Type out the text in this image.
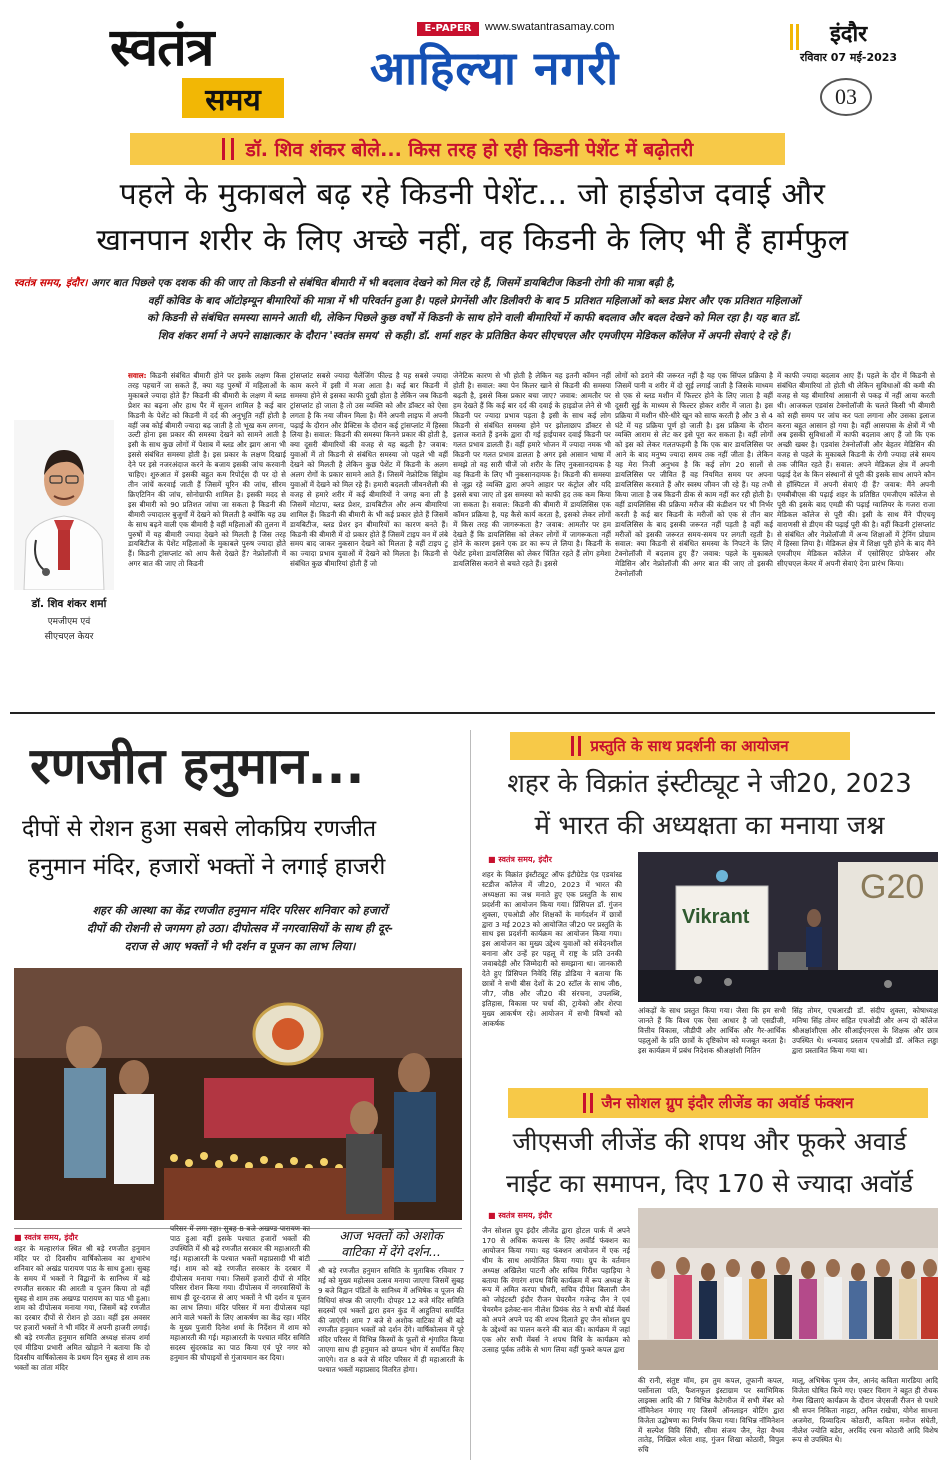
स्वतंत्र
समय
E-PAPER	www.swatantrasamay.com
आहिल्या नगरी
इंदौर
रविवार 07 मई-2023
03
डॉ. शिव शंकर बोले... किस तरह हो रही किडनी पेशेंट में बढ़ोतरी
पहले के मुकाबले बढ़ रहे किडनी पेशेंट... जो हाईडोज दवाई और
खानपान शरीर के लिए अच्छे नहीं, वह किडनी के लिए भी हैं हार्मफुल
स्वतंत्र समय, इंदौर। अगर बात पिछले एक दशक की की जाए तो किडनी से संबंधित बीमारी में भी बदलाव देखने को मिल रहे हैं, जिसमें डायबिटीज किडनी रोगी की मात्रा बढ़ी है,
वहीं कोविड के बाद ऑटोइम्यून बीमारियों की मात्रा में भी परिवर्तन हुआ है। पहले प्रेगनेंसी और डिलीवरी के बाद 5 प्रतिशत महिलाओं को ब्लड प्रेशर और एक प्रतिशत महिलाओं
को किडनी से संबंधित समस्या सामने आती थी, लेकिन पिछले कुछ वर्षों में किडनी के साथ होने वाली बीमारियों में काफी बदलाव और बदल देखने को मिल रहा है। यह बात डॉ.
शिव शंकर शर्मा ने अपने साक्षात्कार के दौरान 'स्वतंत्र समय' से कही। डॉ. शर्मा शहर के प्रतिष्ठित केयर सीएचएल और एमजीएम मेडिकल कॉलेज में अपनी सेवाएं दे रहे हैं।
डॉ. शिव शंकर शर्मा
एमजीएम एवं
सीएचएल केयर
सवाल: किडनी संबंधित बीमारी होने पर इसके लक्षण किस तरह पहचानें जा सकते हैं, क्या यह पुरुषों में महिलाओं के मुकाबले ज्यादा होते हैं? किडनी की बीमारी के लक्षण में ब्लड प्रेशर का बढ़ना और हाथ पैर में सूजन शामिल है कई बार किडनी के पेशेंट को किडनी में दर्द की अनुभूति नहीं होती है वहीं जब कोई बीमारी ज्यादा बढ़ जाती है तो भूख कम लगना, उल्टी होना इस प्रकार की समस्या देखने को सामने आती है इसी के साथ कुछ लोगों में पेशाब में ब्लड और झाग आना भी इससे संबंधित समस्या होती है। इस प्रकार के लक्षण दिखाई देने पर इसे नजरअंदाज करने के बजाय इसकी जांच करवानी चाहिए। शुरुआत में इसकी बहुत कम रिपोर्ट्स दी पर दो से तीन जांचें करवाई जाती हैं जिसमें यूरिन की जांच, सीरम क्रिएटिनिन की जांच, सोनोग्राफी शामिल है। इसकी मदद से इस बीमारी को 90 प्रतिशत जांचा जा सकता है किडनी की बीमारी ज्यादातर बुजुर्गों में देखने को मिलती है क्योंकि यह उम्र के साथ बढ़ने वाली एक बीमारी है वहीं महिलाओं की तुलना में पुरुषों में यह बीमारी ज्यादा देखने को मिलती है जिस तरह डायबिटीज के पेशेंट महिलाओं के मुकाबले पुरुष ज्यादा होते हैं। किडनी ट्रांसप्लांट को आप कैसे देखते हैं? नेफ्रोलॉजी में अगर बात की जाए तो किडनी
ट्रांसप्लांट सबसे ज्यादा चैलेंजिंग फील्ड है यह सबसे ज्यादा काम करने में इसी में मजा आता है। कई बार किडनी में समस्या होने से इसका काफी दुखी होता है लेकिन जब किडनी ट्रांसप्लांट हो जाता है तो उस व्यक्ति को और डॉक्टर को ऐसा लगता है कि नया जीवन मिला है। मैंने अपनी लाइफ में अपनी पढ़ाई के दौरान और प्रैक्टिस के दौरान कई ट्रांसप्लांट में हिस्सा लिया है। सवाल: किडनी की समस्या किनने प्रकार की होती है, क्या दूसरी बीमारियों की वजह से यह बढ़ती है? जवाब: युवाओं में तो किडनी से संबंधित समस्या जो पहले भी वहीं देखने को मिलती है लेकिन कुछ पेशेंट में किडनी के अलग अलग रोगों के प्रकार सामने आते हैं। जिसमें नेफ्रोटिक सिंड्रोम युवाओं में देखने को मिल रहे हैं। हमारी बदलती जीवनशैली की वजह से हमारे शरीर में कई बीमारियों ने जगह बना ली है जिसमें मोटापा, ब्लड प्रेशर, डायबिटीज और अन्य बीमारियां शामिल हैं। किडनी की बीमारी के भी कई प्रकार होते हैं जिसमें डायबिटीज, ब्लड प्रेशर इन बीमारियों का कारण बनते हैं। किडनी की बीमारी में दो प्रकार होते हैं जिसमें टाइप वन में लंबे समय बाद जाकर नुकसान देखने को मिलता है वहीं टाइप टू का ज्यादा प्रभाव युवाओं में देखने को मिलता है। किडनी से संबंधित कुछ बीमारियां होती हैं जो
जेनेटिक कारण से भी होती है लेकिन यह इतनी कॉमन नहीं होती है। सवाल: क्या पेन किलर खाने से किडनी की समस्या बढ़ती है, इससे किस प्रकार बचा जाए? जवाब: आमतौर पर हम देखते हैं कि कई बार दर्द की दवाई के हाइडोज लेने से भी किडनी पर ज्यादा प्रभाव पड़ता है इसी के साथ कई लोग किडनी से संबंधित समस्या होने पर झोलाछाप डॉक्टर से इलाज कराते हैं इनके द्वारा दी गई हाईपावर दवाई किडनी पर गलत प्रभाव डालती हैं। वहीं हमारे भोजन में ज्यादा नमक भी किडनी पर गलत प्रभाव डालता है अगर इसे आसान भाषा में समझे तो वह सारी चीजें जो शरीर के लिए नुकसानदायक है वह किडनी के लिए भी नुकसानदायक है। किडनी की समस्या से जूझ रहे व्यक्ति द्वारा अपने आहार पर कंट्रोल और यदि इससे बचा जाए तो इस समस्या को काफी हद तक कम किया जा सकता है। सवाल: किडनी की बीमारी में डायलिसिस एक कॉमन प्रक्रिया है, यह कैसे कार्य करता है, इसको लेकर लोगों में किस तरह की जागरूकता है? जवाब: आमतौर पर हम देखते हैं कि डायलिसिस को लेकर लोगों में जागरूकता नहीं होने के कारण इसने एक डर का रूप ले लिया है। किडनी के पेशेंट हमेशा डायलिसिस को लेकर चिंतित रहते हैं लोग हमेशा डायलिसिस कराने से बचते रहते हैं। इससे
लोगों को डराने की जरूरत नहीं है यह एक सिंपल प्रक्रिया है जिसमें पानी व शरीर में दो सुई लगाई जाती है जिसके माध्यम से एक से ब्लड मशीन में फिल्टर होने के लिए जाता है वहीं दूसरी सुई के माध्यम से फिल्टर होकर शरीर में जाता है। इस प्रक्रिया में मशीन धीरे-धीरे खून को साफ करती है और 3 से 4 घंटे में यह प्रक्रिया पूर्ण हो जाती है। इस प्रक्रिया के दौरान व्यक्ति आराम से लेट कर इसे पूरा कर सकता है। वहीं लोगों को इस को लेकर गलतफहमी है कि एक बार डायलिसिस पर आने के बाद मनुष्य ज्यादा समय तक नहीं जीता है। लेकिन यह मेरा निजी अनुभव है कि कई लोग 20 सालों से डायलिसिस पर जीवित हैं वह नियमित समय पर अपना डायलिसिस करवाते हैं और स्वस्थ जीवन जी रहे हैं। यह तभी किया जाता है जब किडनी ठीक से काम नहीं कर रही होती है। वहीं डायलिसिस की प्रक्रिया मरीज की कंडीशन पर भी निर्भर करती है कई बार किडनी के मरीजों को एक से तीन बार डायलिसिस के बाद इसकी जरूरत नहीं पड़ती है वहीं कई मरीजों को इसकी जरूरत समय-समय पर लगती रहती है। सवाल: क्या किडनी से संबंधित समस्या के निपटने के लिए टेक्नोलॉजी में बदलाव हुए हैं? जवाब: पहले के मुकाबले मेडिसिन और नेफ्रोलॉजी की अगर बात की जाए तो इसकी टेक्नोलॉजी
में काफी ज्यादा बदलाव आए हैं। पहले के दौर में किडनी से संबंधित बीमारियां तो होती थी लेकिन सुविधाओं की कमी की वजह से यह बीमारियां आसानी से पकड़ में नहीं आया करती थी। आजकल एडवांस टेक्नोलॉजी के चलते किसी भी बीमारी को सही समय पर जांच कर पता लगाना और उसका इलाज करना बहुत आसान हो गया है। वहीं आसपास के क्षेत्रों में भी अब इसकी सुविधाओं में काफी बदलाव आए हैं जो कि एक अच्छी खबर है। एडवांस टेक्नोलॉजी और बेहतर मेडिसिन की वजह से पहले के मुकाबले किडनी के रोगी ज्यादा लंबे समय तक जीवित रहते हैं। सवाल: अपने मेडिकल क्षेत्र में अपनी पढ़ाई देश के किन संस्थानों से पूरी की इसके साथ आपने कौन से हॉस्पिटल में अपनी सेवाएं दी हैं? जवाब: मैंने अपनी एमबीबीएस की पढ़ाई शहर के प्रतिष्ठित एमजीएम कॉलेज से पूरी की इसके बाद एमडी की पढ़ाई ग्वालियर के गजरा राजा मेडिकल कॉलेज से पूरी की। इसी के साथ मैंने पीएचयू वाराणसी से डीएम की पढ़ाई पूरी की है। वहीं किडनी ट्रांसप्लांट से संबंधित और नेफ्रोलॉजी में अन्य शिक्षाओं में ट्रेनिंग प्रोग्राम में हिस्सा लिया है। मेडिकल क्षेत्र में शिक्षा पूरी होने के बाद मैंने एमजीएम मेडिकल कॉलेज में एसोसिएट प्रोफेसर और सीएचएल केयर में अपनी सेवाएं देना प्रारंभ किया।
रणजीत हनुमान...
दीपों से रोशन हुआ सबसे लोकप्रिय रणजीत
हनुमान मंदिर, हजारों भक्तों ने लगाई हाजरी
शहर की आस्था का केंद्र रणजीत हनुमान मंदिर परिसर शनिवार को हजारों
दीपों की रोशनी से जगमग हो उठा। दीपोत्सव में नगरवासियों के साथ ही दूर-
दराज से आए भक्तों ने भी दर्शन व पूजन का लाभ लिया।
■ स्वतंत्र समय, इंदौर
शहर के मल्हारगंज स्थित श्री बड़े रणजीत हनुमान मंदिर पर दो दिवसीय वार्षिकोत्सव का शुभारंभ शनिवार को अखंड पारायण पाठ के साथ हुआ। सुबह के समय में भक्तों ने विद्वानों के सानिध्य में बड़े रणजीत सरकार की आरती व पूजन किया तो वहीं सुबह से शाम तक अखण्ड पारायण का पाठ भी हुआ। शाम को दीपोत्सव मनाया गया, जिसमें बड़े रणजीत का दरबार दीपों से रोशन हो उठा। वहीं इस अवसर पर हजारों भक्तों ने भी मंदिर में अपनी हाजरी लगाई। श्री बड़े रणजीत हनुमान समिति अध्यक्ष संजय शर्मा एवं मीडिया प्रभारी अमित खोड़ाने ने बताया कि दो दिवसीय वार्षिकोत्सव के प्रथम दिन सुबह से शाम तक भक्तों का तांता मंदिर
परिसर में लगा रहा। सुबह 8 बजे अखण्ड पारायण का पाठ हुआ वहीं इसके पश्चात हजारों भक्तों की उपस्थिति में श्री बड़े रणजीत सरकार की महाआरती की गई। महाआरती के पश्चात भक्तों महाप्रसादी भी बांटी गई। शाम को बड़े रणजीत सरकार के दरबार में दीपोत्सव मनाया गया। जिसमें हजारों दीपों से मंदिर परिसर रोशन किया गया। दीपोत्सव में नगरवासियों के साथ ही दूर-दराज से आए भक्तों ने भी दर्शन व पूजन का लाभ लिया। मंदिर परिसर में मना दीपोत्सव यहां आने वाले भक्तों के लिए आकर्षण का केंद्र रहा। मंदिर के मुख्य पुजारी दिनेश शर्मा के निर्देशन में शाम को महाआरती की गई। महाआरती के पश्चात मंदिर समिति सदस्य सुंदरकांड का पाठ किया एवं पूरे नगर को हनुमान की चौपाइयों से गुंजायमान कर दिया।
आज भक्तों को अशोक
वाटिका में देंगे दर्शन...
श्री बड़े रणजीत हनुमान समिति के मुताबिक रविवार 7 मई को मुख्य महोत्सव उत्सव मनाया जाएगा जिसमें सुबह 9 बजे विद्वान पंडितों के सानिध्य में अभिषेक व पूजन की विधियां संपन्न की जाएगी। दोपहर 12 बजे मंदिर समिति सदस्यों एवं भक्तों द्वारा हवन कुंड में आहुतियां समर्पित की जाएंगी। शाम 7 बजे से अशोक वाटिका में श्री बड़े रणजीत हनुमान भक्तों को दर्शन देंगे। वार्षिकोत्सव में पूरे मंदिर परिसर में विभिन्न किस्मों के फूलों से शृंगारित किया जाएगा साथ ही हनुमान को छप्पन भोग में समर्पित किए जाएंगे। रात 8 बजे से मंदिर परिसर में ही महाआरती के पश्चात भक्तों महाप्रसाद वितरित होगा।
प्रस्तुति के साथ प्रदर्शनी का आयोजन
शहर के विक्रांत इंस्टीट्यूट ने जी20, 2023
में भारत की अध्यक्षता का मनाया जश्न
■ स्वतंत्र समय, इंदौर
शहर के विक्रांत इंस्टीट्यूट ऑफ इंटीग्रेटेड एंड एडवांस्ड स्टडीज कॉलेज में जी20, 2023 में भारत की अध्यक्षता का जश्न मनाते हुए एक प्रस्तुति के साथ प्रदर्शनी का आयोजन किया गया। प्रिंसिपल डॉ. गुंजन शुक्ला, एचओडी और शिक्षकों के मार्गदर्शन में छात्रों द्वारा 3 मई 2023 को आयोजित जी20 पर प्रस्तुति के साथ इस प्रदर्शनी कार्यक्रम का आयोजन किया गया। इस आयोजन का मुख्य उद्देश्य युवाओं को संवेदनशील बनाना और उन्हें हर पहलू में राष्ट्र के प्रति उनकी जवाबदेही और जिम्मेदारी को समझाना था। जानकारी देते हुए प्रिंसिपल निवेदि सिंह डोडिया ने बताया कि छात्रों ने सभी बीस देशों के 20 स्टॉल के साथ जी6, जी7, जी8 और जी20 की संरचना, उपलब्धि, इतिहास, विकास पर चर्चा की, ट्रायेको और शेरपा मुख्य आकर्षण रहे। आयोजन में सभी विषयों को आकर्षक
Vikrant
G20
आंकड़ों के साथ प्रस्तुत किया गया। जैसा कि हम सभी जानते हैं कि विश्व एक ऐसा आधार है जो एसडीजी, वित्तीय विकास, जीडीपी और आर्थिक और गैर-आर्थिक पहलुओं के प्रति छात्रों के दृष्टिकोण को मजबूत करता है। इस कार्यक्रम में प्रबंध निदेशक श्रीअक्षांशी नितिन
सिंह तोमर, एचआरडी डॉ. संदीप शुक्ला, कोषाध्यक्ष मनिषा सिंह तोमर सहित एचओडी और अन्य दो कॉलेज श्रीअक्षांशीएस और सीआईएनएस के शिक्षक और छात्र उपस्थित थे। धन्यवाद प्रस्ताव एचओडी डॉ. अंकित लड्ढा द्वारा प्रस्तावित किया गया था।
जैन सोशल ग्रुप इंदौर लीजेंड का अवॉर्ड फंक्शन
जीएसजी लीजेंड की शपथ और फूकरे अवार्ड
नाईट का समापन, दिए 170 से ज्यादा अवॉर्ड
■ स्वतंत्र समय, इंदौर
जैन सोशल ग्रुप इंदौर लीजेंड द्वारा होटल पार्क में अपने 170 से अधिक कपल्स के लिए अवॉर्ड फंक्शन का आयोजन किया गया। यह फंक्शन आयोजन में एक नई थीम के साथ आयोजित किया गया। ग्रुप के वर्तमान अध्यक्ष अखिलेश पाटनी और सचिव गिरीश पहाड़िया ने बताया कि रंगारंग शपथ विधि कार्यक्रम में रूप अध्यक्ष के रूप में अमित करपा चौधरी, सचिव दीपेश बिलाली जैन को जोइंटस्टी इंदौर रीजन चेयरमैन गजेन्द्र जैन ने एवं चेयरमैन इलेक्ट-सन नीलेश प्रियंक सेठ ने सभी बोर्ड मेंबर्स को अपने अपने पद की शपथ दिलाते हुए जैन सोशल ग्रुप के उद्देश्यों का पालन करने की बात की। कार्यक्रम में जहां एक ओर सभी मेंबर्स ने शपथ विधि के कार्यक्रम को उत्साह पूर्वक तरीके से भाग लिया वहीं फुकरे कपल द्वारा
की रानी, संतुष्ट मॉम, हम तुम कपल, तूफानी कपल, पर्सोनाला पति, फैशनफुल इंस्टाग्राम पर स्वाभिमिक लाइक्स आदि की 7 विभिन्न कैटेगरीज में सभी मेंबर को नॉमिनेशन मंगाए गए जिसमें ऑनलाइन वोटिंग द्वारा विजेता उद्घोषणा का निर्णय किया गया। विभिन्न नॉमिनेशन में सल्पेश विवि सिंघी, सीमा संजय जैन, नेहा वैभव तातेड़, निखिल श्वेता शाह, गुंजन शिखा कोठारी, विपुल रुचि
मालू, अभिषेक पूनम जैन, आनंद कविता मारडिया आदि विजेता घोषित किये गए। एक्टर चिराग ने बहुत ही रोचक गेम्स खिलाएं कार्यक्रम के दौरान जेएसजी रीजन से पधारे श्री सपन निकिता नाहटा, अनिल राखेचा, योगेश साधना अजमेरा, दिव्यादित्य कोठारी, कविता मनोज संघेती, नीलेश ज्योति बडेरा, अरविंद रचना कोठारी आदि विशेष रूप से उपस्थित थे।
